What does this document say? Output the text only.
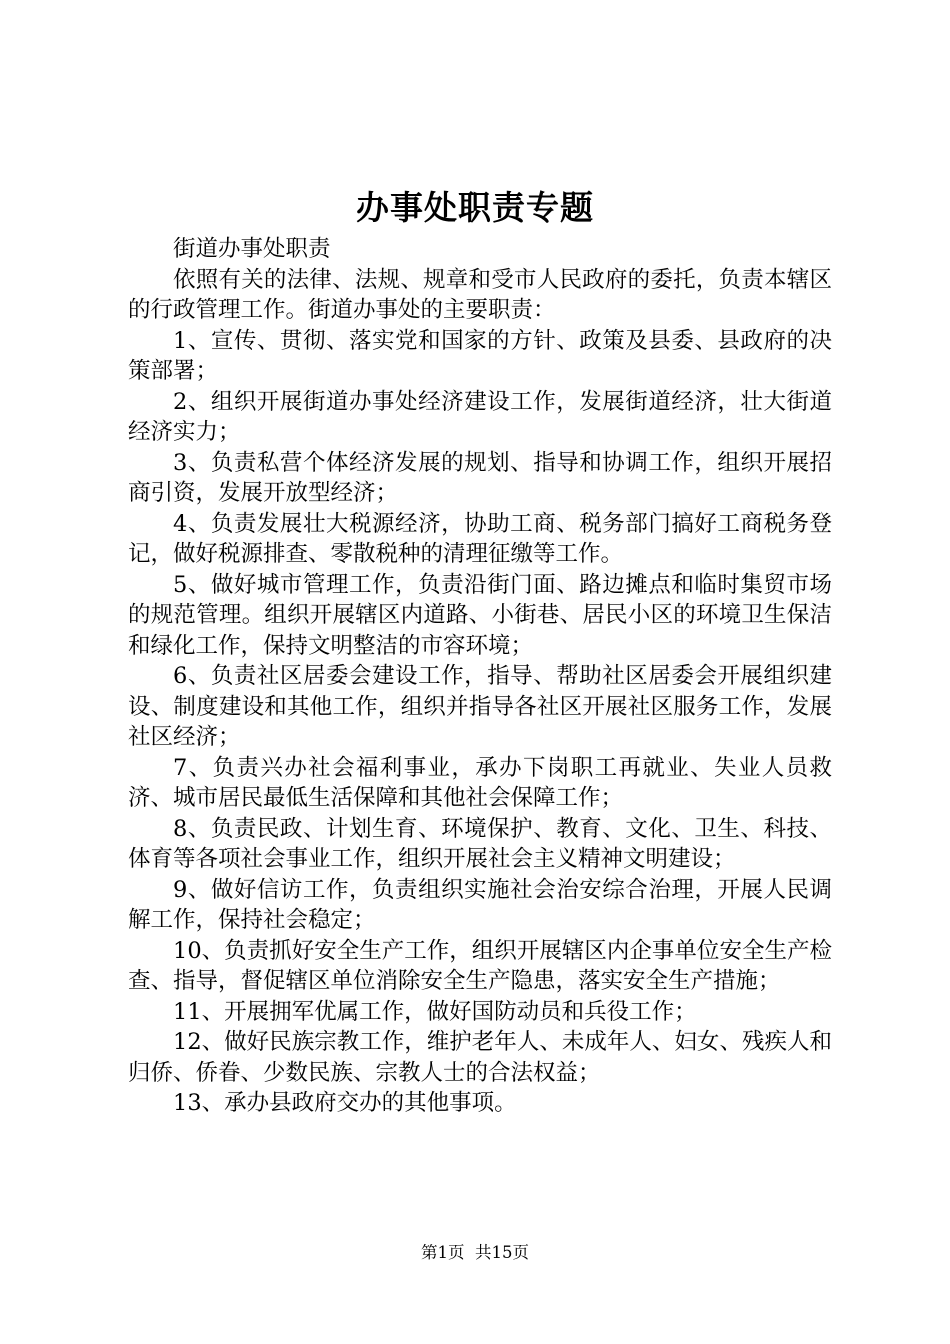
办事处职责专题

街道办事处职责

依照有关的法律、法规、规章和受市人民政府的委托，负责本辖区的行政管理工作。街道办事处的主要职责：

1、宣传、贯彻、落实党和国家的方针、政策及县委、县政府的决策部署；

2、组织开展街道办事处经济建设工作，发展街道经济，壮大街道经济实力；

3、负责私营个体经济发展的规划、指导和协调工作，组织开展招商引资，发展开放型经济；

4、负责发展壮大税源经济，协助工商、税务部门搞好工商税务登记，做好税源排查、零散税种的清理征缴等工作。

5、做好城市管理工作，负责沿街门面、路边摊点和临时集贸市场的规范管理。组织开展辖区内道路、小街巷、居民小区的环境卫生保洁和绿化工作，保持文明整洁的市容环境；

6、负责社区居委会建设工作，指导、帮助社区居委会开展组织建设、制度建设和其他工作，组织并指导各社区开展社区服务工作，发展社区经济；

7、负责兴办社会福利事业，承办下岗职工再就业、失业人员救济、城市居民最低生活保障和其他社会保障工作；

8、负责民政、计划生育、环境保护、教育、文化、卫生、科技、体育等各项社会事业工作，组织开展社会主义精神文明建设；

9、做好信访工作，负责组织实施社会治安综合治理，开展人民调解工作，保持社会稳定；

10、负责抓好安全生产工作，组织开展辖区内企事单位安全生产检查、指导，督促辖区单位消除安全生产隐患，落实安全生产措施；

11、开展拥军优属工作，做好国防动员和兵役工作；

12、做好民族宗教工作，维护老年人、未成年人、妇女、残疾人和归侨、侨眷、少数民族、宗教人士的合法权益；

13、承办县政府交办的其他事项。

第1页 共15页
